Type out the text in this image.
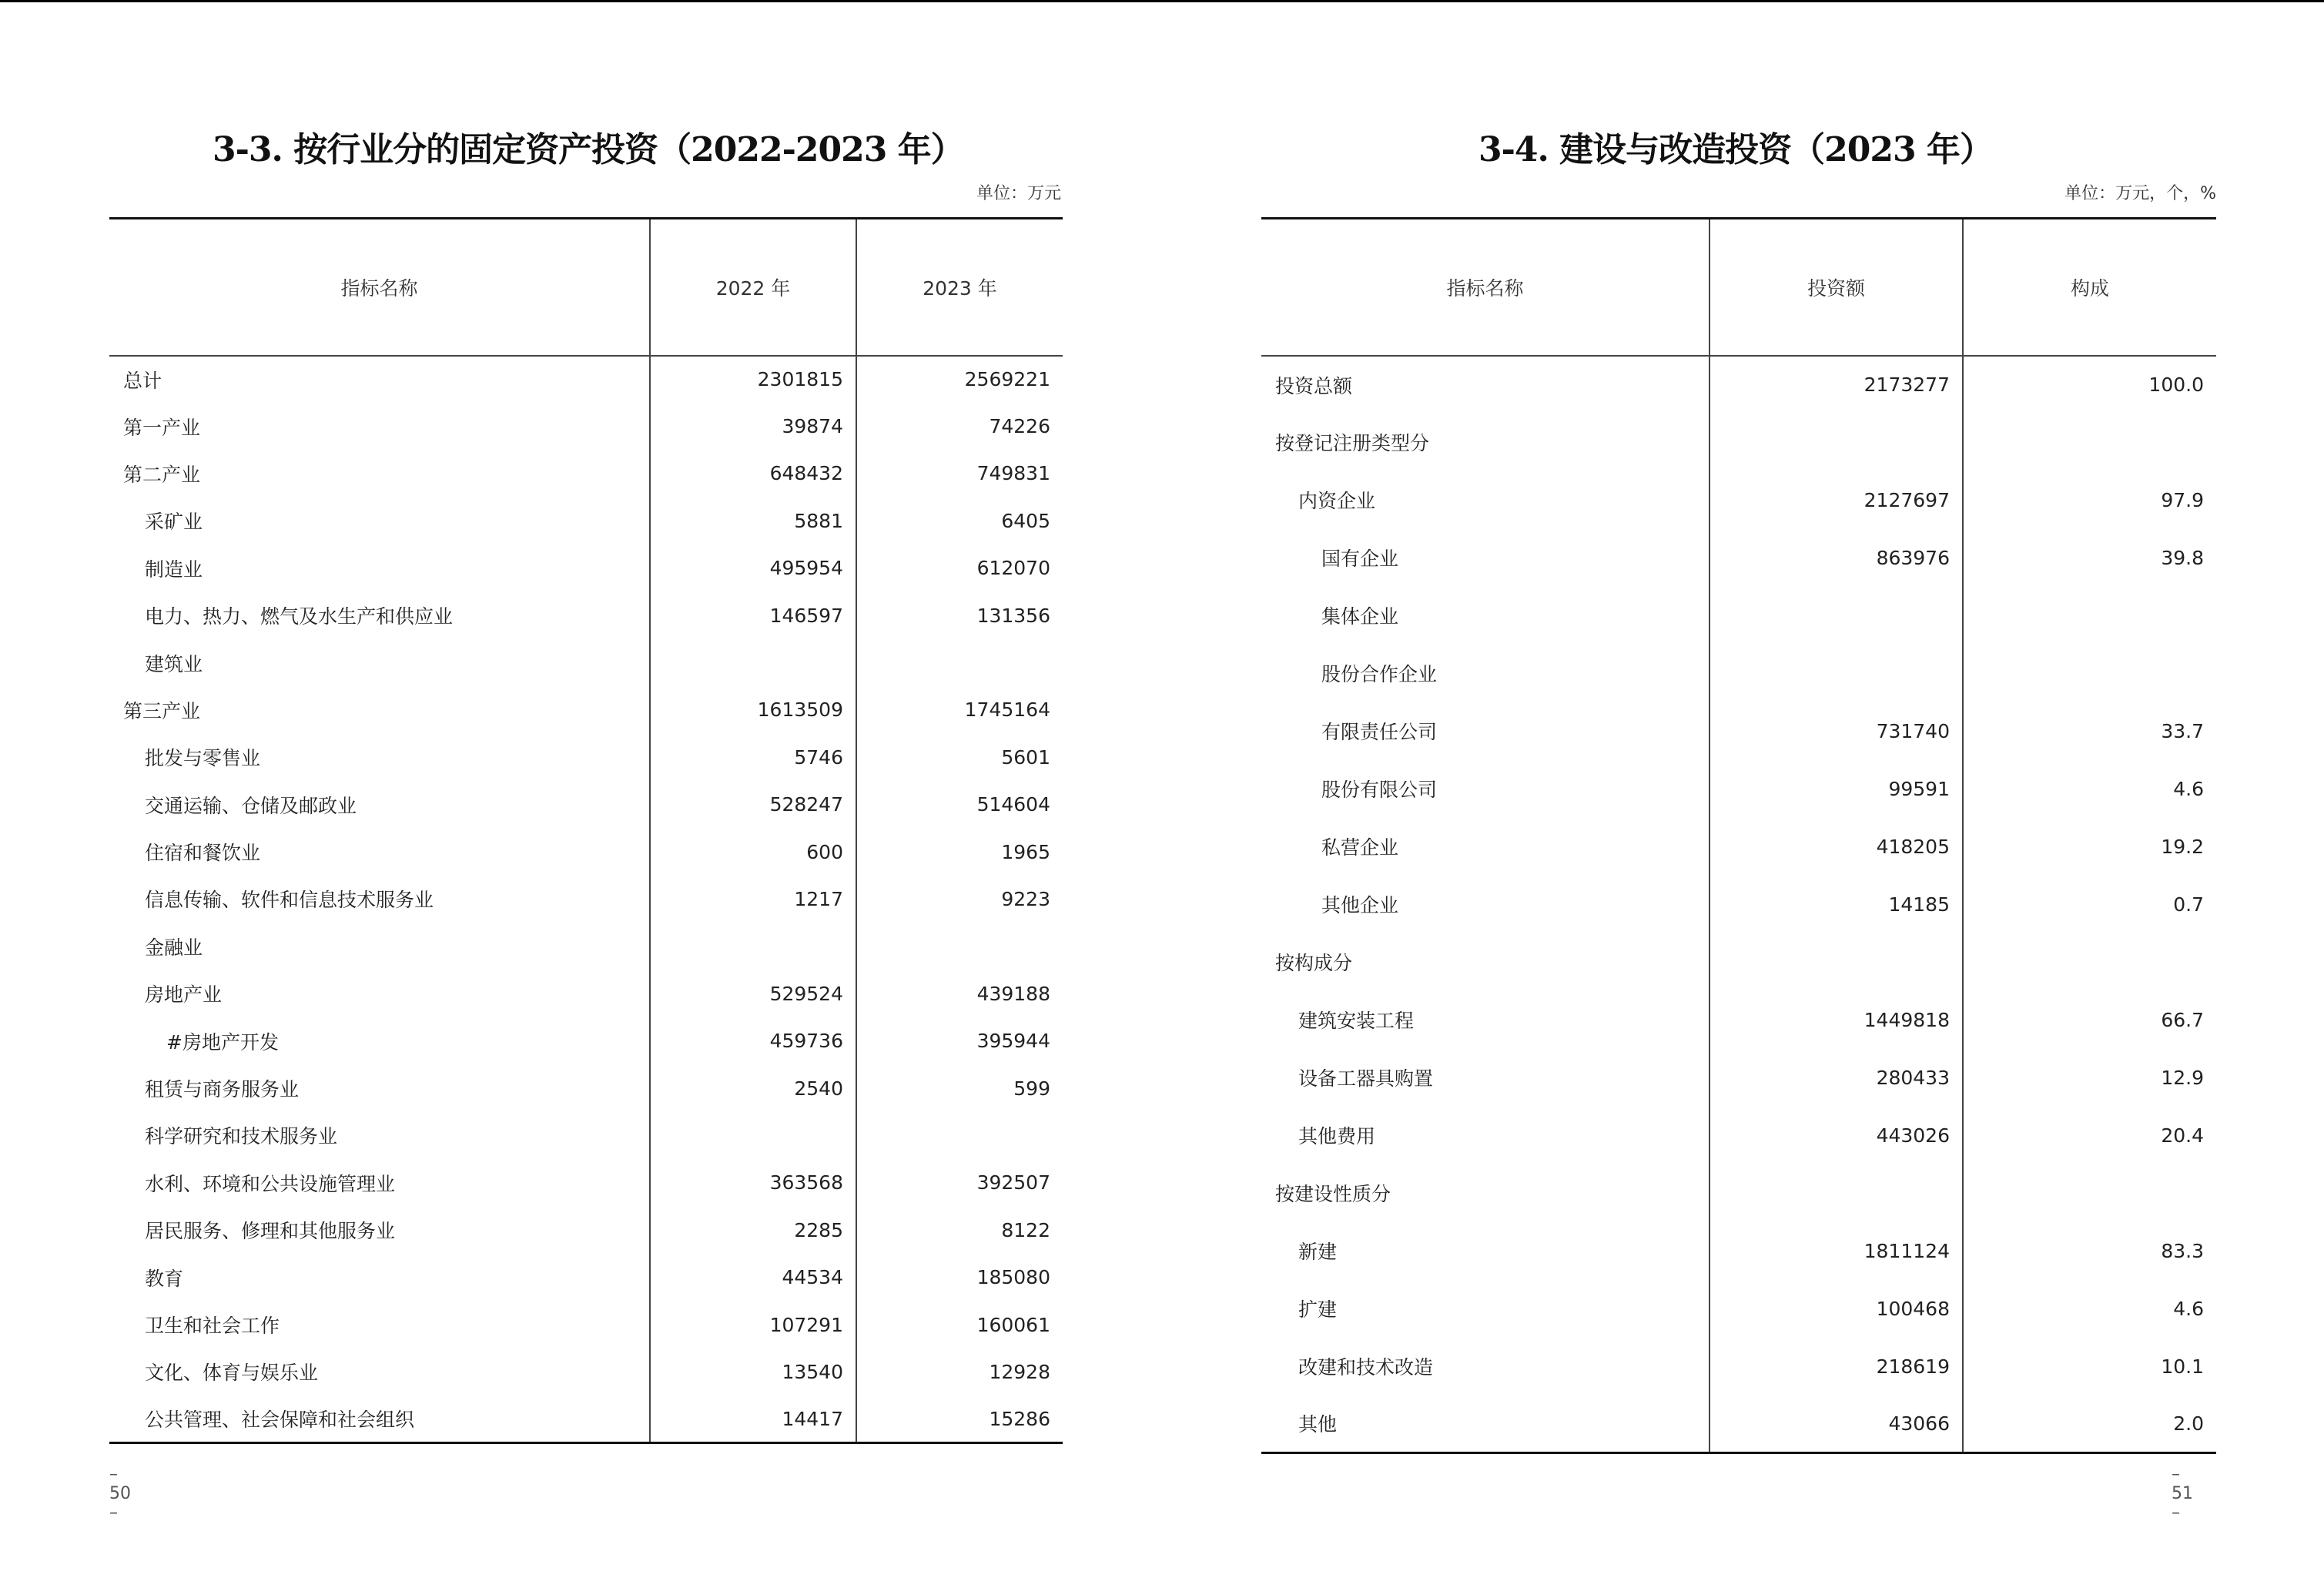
3-3. 按行业分的固定资产投资（2022-2023 年）
单位：万元
指标名称	2022 年	2023 年
总计	2301815	2569221
第一产业	39874	74226
第二产业	648432	749831
采矿业	5881	6405
制造业	495954	612070
电力、热力、燃气及水生产和供应业	146597	131356
建筑业		
第三产业	1613509	1745164
批发与零售业	5746	5601
交通运输、仓储及邮政业	528247	514604
住宿和餐饮业	600	1965
信息传输、软件和信息技术服务业	1217	9223
金融业		
房地产业	529524	439188
#房地产开发	459736	395944
租赁与商务服务业	2540	599
科学研究和技术服务业		
水利、环境和公共设施管理业	363568	392507
居民服务、修理和其他服务业	2285	8122
教育	44534	185080
卫生和社会工作	107291	160061
文化、体育与娱乐业	13540	12928
公共管理、社会保障和社会组织	14417	15286
– 50 –
3-4. 建设与改造投资（2023 年）
单位：万元，个，%
指标名称	投资额	构成
投资总额	2173277	100.0
按登记注册类型分		
内资企业	2127697	97.9
国有企业	863976	39.8
集体企业		
股份合作企业		
有限责任公司	731740	33.7
股份有限公司	99591	4.6
私营企业	418205	19.2
其他企业	14185	0.7
按构成分		
建筑安装工程	1449818	66.7
设备工器具购置	280433	12.9
其他费用	443026	20.4
按建设性质分		
新建	1811124	83.3
扩建	100468	4.6
改建和技术改造	218619	10.1
其他	43066	2.0
– 51 –
